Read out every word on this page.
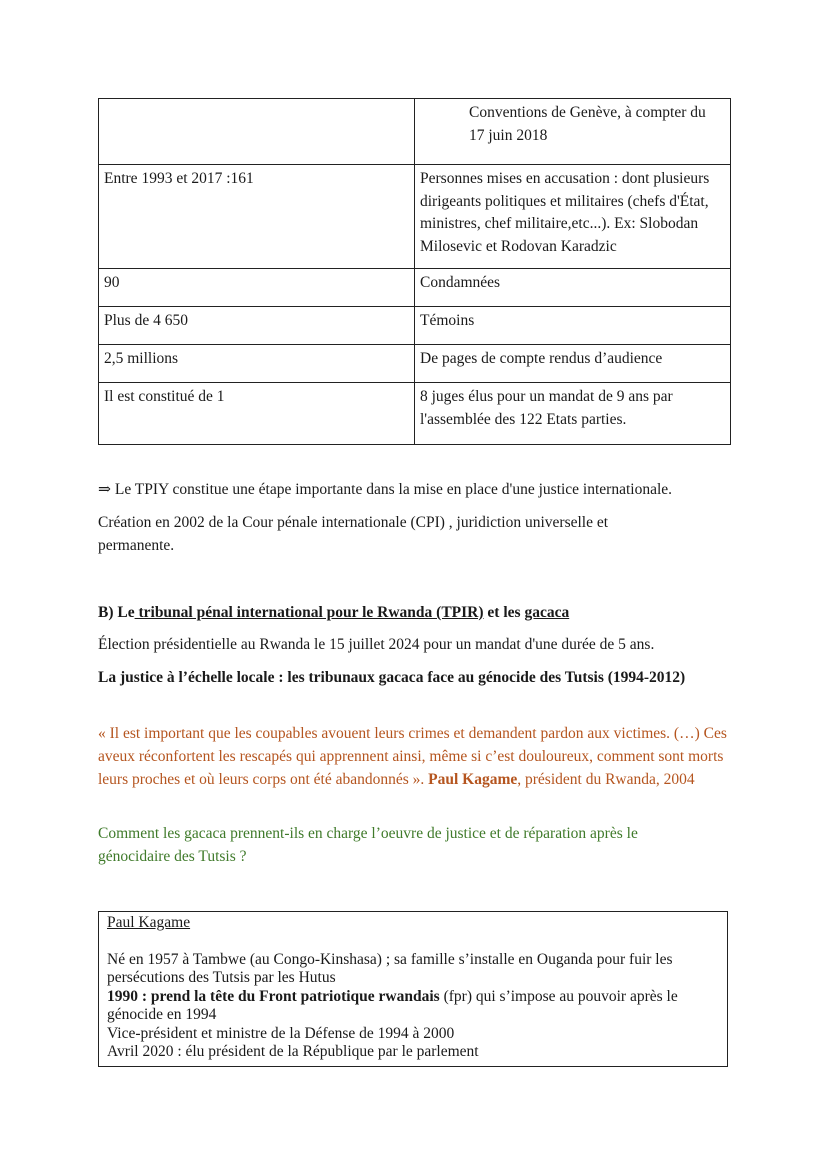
	Conventions de Genève, à compter du 17 juin 2018
Entre 1993 et 2017 :161	Personnes mises en accusation : dont plusieurs dirigeants politiques et militaires (chefs d'État, ministres, chef militaire,etc...). Ex: Slobodan Milosevic et Rodovan Karadzic
90	Condamnées
Plus de 4 650	Témoins
2,5 millions	De pages de compte rendus d’audience
Il est constitué de 1	8 juges élus pour un mandat de 9 ans par l'assemblée des 122 Etats parties.
⇒ Le TPIY constitue une étape importante dans la mise en place d'une justice internationale.
Création en 2002 de la Cour pénale internationale (CPI) , juridiction universelle et permanente.
B) Le tribunal pénal international pour le Rwanda (TPIR) et les gacaca
Élection présidentielle au Rwanda le 15 juillet 2024 pour un mandat d'une durée de 5 ans.
La justice à l’échelle locale : les tribunaux gacaca face au génocide des Tutsis (1994-2012)
« Il est important que les coupables avouent leurs crimes et demandent pardon aux victimes. (…) Ces aveux réconfortent les rescapés qui apprennent ainsi, même si c’est douloureux, comment sont morts leurs proches et où leurs corps ont été abandonnés ». Paul Kagame, président du Rwanda, 2004
Comment les gacaca prennent-ils en charge l’oeuvre de justice et de réparation après le génocidaire des Tutsis ?
Paul Kagame
Né en 1957 à Tambwe (au Congo-Kinshasa) ; sa famille s’installe en Ouganda pour fuir les persécutions des Tutsis par les Hutus
1990 : prend la tête du Front patriotique rwandais (fpr) qui s’impose au pouvoir après le génocide en 1994
Vice-président et ministre de la Défense de 1994 à 2000
Avril 2020 : élu président de la République par le parlement
